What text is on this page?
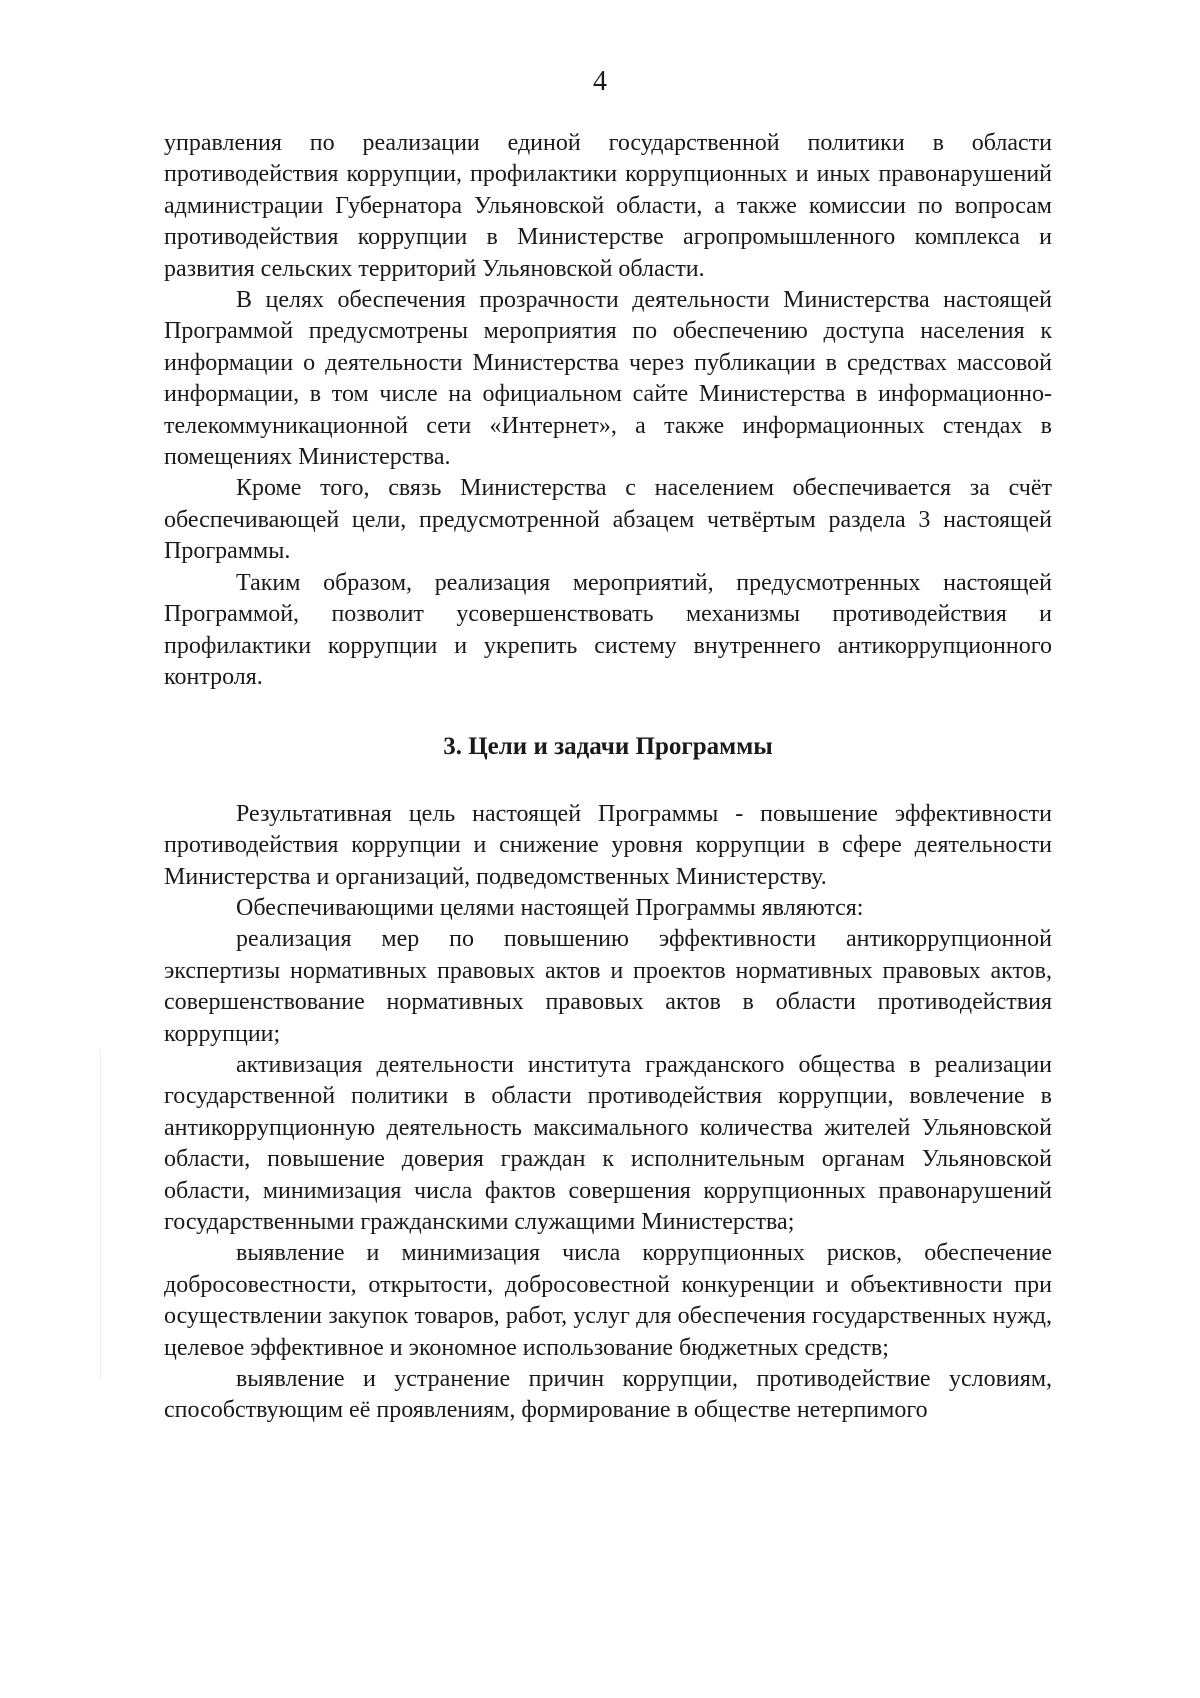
4

управления по реализации единой государственной политики в области противодействия коррупции, профилактики коррупционных и иных правонарушений администрации Губернатора Ульяновской области, а также комиссии по вопросам противодействия коррупции в Министерстве агропромышленного комплекса и развития сельских территорий Ульяновской области.

В целях обеспечения прозрачности деятельности Министерства настоящей Программой предусмотрены мероприятия по обеспечению доступа населения к информации о деятельности Министерства через публикации в средствах массовой информации, в том числе на официальном сайте Министерства в информационно-телекоммуникационной сети «Интернет», а также информационных стендах в помещениях Министерства.

Кроме того, связь Министерства с населением обеспечивается за счёт обеспечивающей цели, предусмотренной абзацем четвёртым раздела 3 настоящей Программы.

Таким образом, реализация мероприятий, предусмотренных настоящей Программой, позволит усовершенствовать механизмы противодействия и профилактики коррупции и укрепить систему внутреннего антикоррупционного контроля.

3. Цели и задачи Программы

Результативная цель настоящей Программы - повышение эффективности противодействия коррупции и снижение уровня коррупции в сфере деятельности Министерства и организаций, подведомственных Министерству.

Обеспечивающими целями настоящей Программы являются:

реализация мер по повышению эффективности антикоррупционной экспертизы нормативных правовых актов и проектов нормативных правовых актов, совершенствование нормативных правовых актов в области противодействия коррупции;

активизация деятельности института гражданского общества в реализации государственной политики в области противодействия коррупции, вовлечение в антикоррупционную деятельность максимального количества жителей Ульяновской области, повышение доверия граждан к исполнительным органам Ульяновской области, минимизация числа фактов совершения коррупционных правонарушений государственными гражданскими служащими Министерства;

выявление и минимизация числа коррупционных рисков, обеспечение добросовестности, открытости, добросовестной конкуренции и объективности при осуществлении закупок товаров, работ, услуг для обеспечения государственных нужд, целевое эффективное и экономное использование бюджетных средств;

выявление и устранение причин коррупции, противодействие условиям, способствующим её проявлениям, формирование в обществе нетерпимого
